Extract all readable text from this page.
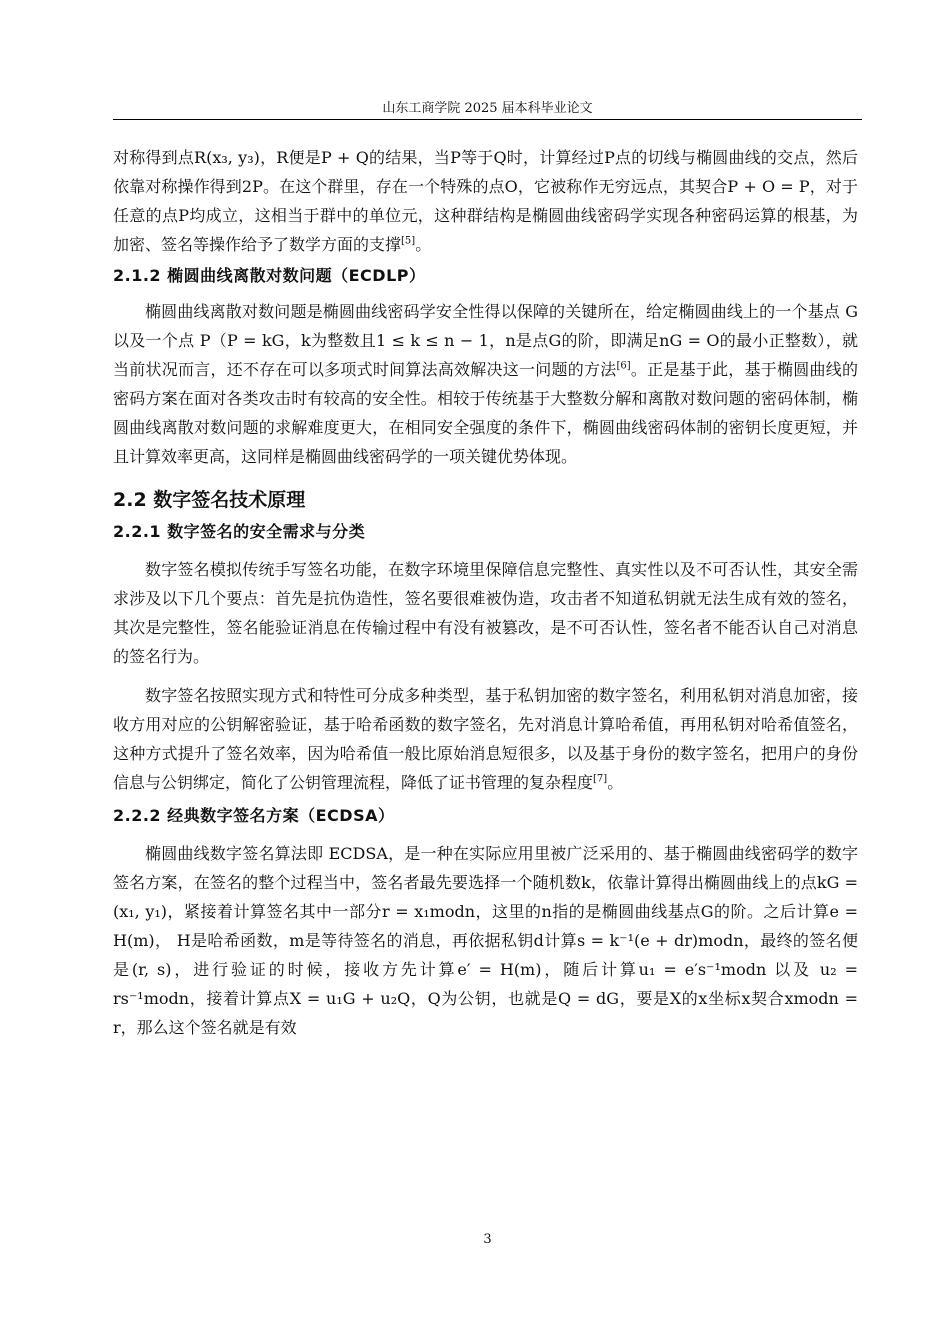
山东工商学院 2025 届本科毕业论文

对称得到点R(x₃, y₃)，R便是P + Q的结果，当P等于Q时，计算经过P点的切线与椭圆曲线的交点，然后依靠对称操作得到2P。在这个群里，存在一个特殊的点O，它被称作无穷远点，其契合P + O = P，对于任意的点P均成立，这相当于群中的单位元，这种群结构是椭圆曲线密码学实现各种密码运算的根基，为加密、签名等操作给予了数学方面的支撑[5]。

2.1.2 椭圆曲线离散对数问题（ECDLP）

椭圆曲线离散对数问题是椭圆曲线密码学安全性得以保障的关键所在，给定椭圆曲线上的一个基点 G 以及一个点 P（P = kG，k为整数且1 ≤ k ≤ n − 1，n是点G的阶，即满足nG = O的最小正整数），就当前状况而言，还不存在可以多项式时间算法高效解决这一问题的方法[6]。正是基于此，基于椭圆曲线的密码方案在面对各类攻击时有较高的安全性。相较于传统基于大整数分解和离散对数问题的密码体制，椭圆曲线离散对数问题的求解难度更大，在相同安全强度的条件下，椭圆曲线密码体制的密钥长度更短，并且计算效率更高，这同样是椭圆曲线密码学的一项关键优势体现。

2.2 数字签名技术原理
2.2.1 数字签名的安全需求与分类

数字签名模拟传统手写签名功能，在数字环境里保障信息完整性、真实性以及不可否认性，其安全需求涉及以下几个要点：首先是抗伪造性，签名要很难被伪造，攻击者不知道私钥就无法生成有效的签名，其次是完整性，签名能验证消息在传输过程中有没有被篡改，是不可否认性，签名者不能否认自己对消息的签名行为。

数字签名按照实现方式和特性可分成多种类型，基于私钥加密的数字签名，利用私钥对消息加密，接收方用对应的公钥解密验证，基于哈希函数的数字签名，先对消息计算哈希值，再用私钥对哈希值签名，这种方式提升了签名效率，因为哈希值一般比原始消息短很多，以及基于身份的数字签名，把用户的身份信息与公钥绑定，简化了公钥管理流程，降低了证书管理的复杂程度[7]。

2.2.2 经典数字签名方案（ECDSA）

椭圆曲线数字签名算法即 ECDSA，是一种在实际应用里被广泛采用的、基于椭圆曲线密码学的数字签名方案，在签名的整个过程当中，签名者最先要选择一个随机数k，依靠计算得出椭圆曲线上的点kG = (x₁, y₁)，紧接着计算签名其中一部分r = x₁modn，这里的n指的是椭圆曲线基点G的阶。之后计算e = H(m)， H是哈希函数，m是等待签名的消息，再依据私钥d计算s = k⁻¹(e + dr)modn，最终的签名便是(r, s)，进行验证的时候，接收方先计算e′ = H(m)，随后计算u₁ = e′s⁻¹modn 以及 u₂ = rs⁻¹modn，接着计算点X = u₁G + u₂Q，Q为公钥，也就是Q = dG，要是X的x坐标x契合xmodn = r，那么这个签名就是有效

3
